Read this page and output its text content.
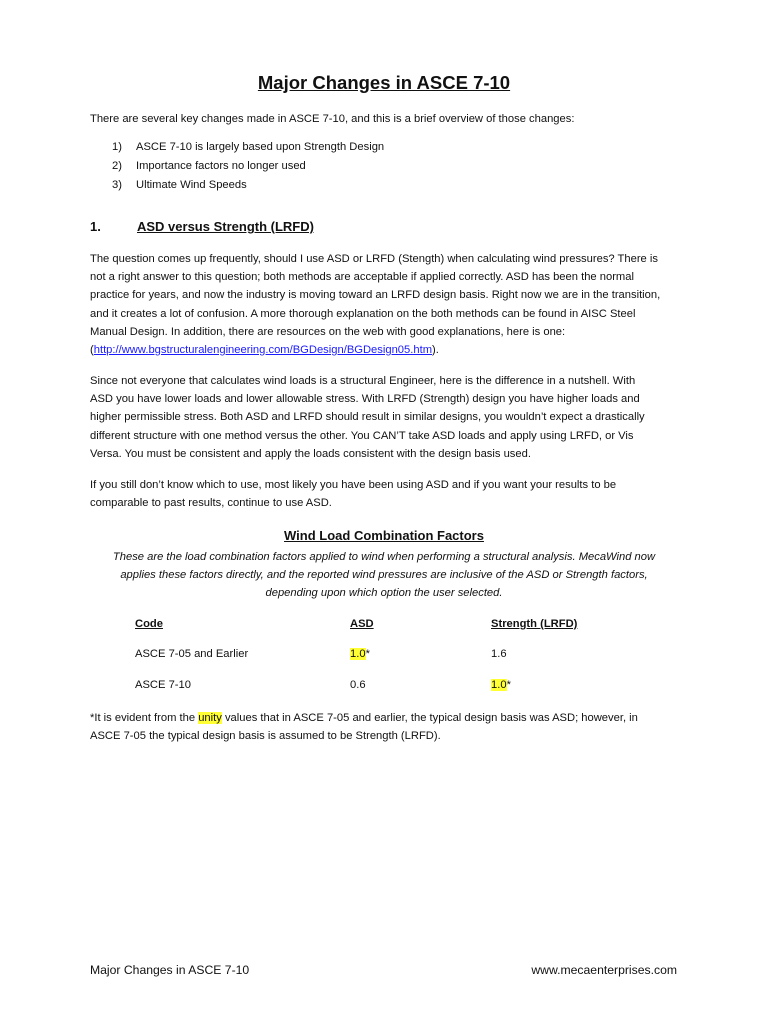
Major Changes in ASCE 7-10
There are several key changes made in ASCE 7-10, and this is a brief overview of those changes:
1) ASCE 7-10 is largely based upon Strength Design
2) Importance factors no longer used
3) Ultimate Wind Speeds
1.	ASD versus Strength (LRFD)
The question comes up frequently, should I use ASD or LRFD (Stength) when calculating wind pressures? There is
not a right answer to this question; both methods are acceptable if applied correctly. ASD has been the normal
practice for years, and now the industry is moving toward an LRFD design basis. Right now we are in the transition,
and it creates a lot of confusion. A more thorough explanation on the both methods can be found in AISC Steel
Manual Design. In addition, there are resources on the web with good explanations, here is one:
(http://www.bgstructuralengineering.com/BGDesign/BGDesign05.htm).
Since not everyone that calculates wind loads is a structural Engineer, here is the difference in a nutshell. With
ASD you have lower loads and lower allowable stress. With LRFD (Strength) design you have higher loads and
higher permissible stress. Both ASD and LRFD should result in similar designs, you wouldn’t expect a drastically
different structure with one method versus the other. You CAN’T take ASD loads and apply using LRFD, or Vis
Versa. You must be consistent and apply the loads consistent with the design basis used.
If you still don’t know which to use, most likely you have been using ASD and if you want your results to be
comparable to past results, continue to use ASD.
Wind Load Combination Factors
These are the load combination factors applied to wind when performing a structural analysis. MecaWind now
applies these factors directly, and the reported wind pressures are inclusive of the ASD or Strength factors,
depending upon which option the user selected.
Code	ASD	Strength (LRFD)
ASCE 7-05 and Earlier	1.0*	1.6
ASCE 7-10	0.6	1.0*
*It is evident from the unity values that in ASCE 7-05 and earlier, the typical design basis was ASD; however, in
ASCE 7-05 the typical design basis is assumed to be Strength (LRFD).
Major Changes in ASCE 7-10	www.mecaenterprises.com
